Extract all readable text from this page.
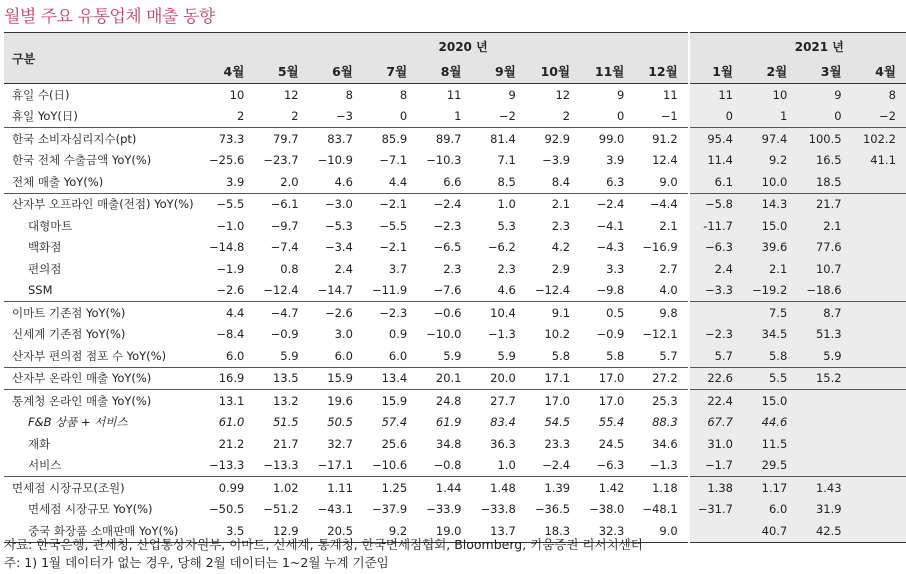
월별 주요 유통업체 매출 동향
구분	2020 년									2021 년			
	4월	5월	6월	7월	8월	9월	10월	11월	12월	1월	2월	3월	4월
휴일 수(日)	10	12	8	8	11	9	12	9	11	11	10	9	8
휴일 YoY(日)	2	2	−3	0	1	−2	2	0	−1	0	1	0	−2
한국 소비자심리지수(pt)	73.3	79.7	83.7	85.9	89.7	81.4	92.9	99.0	91.2	95.4	97.4	100.5	102.2
한국 전체 수출금액 YoY(%)	−25.6	−23.7	−10.9	−7.1	−10.3	7.1	−3.9	3.9	12.4	11.4	9.2	16.5	41.1
전체 매출 YoY(%)	3.9	2.0	4.6	4.4	6.6	8.5	8.4	6.3	9.0	6.1	10.0	18.5	
산자부 오프라인 매출(전점) YoY(%)	−5.5	−6.1	−3.0	−2.1	−2.4	1.0	2.1	−2.4	−4.4	−5.8	14.3	21.7	
대형마트	−1.0	−9.7	−5.3	−5.5	−2.3	5.3	2.3	−4.1	2.1	-11.7	15.0	2.1	
백화점	−14.8	−7.4	−3.4	−2.1	−6.5	−6.2	4.2	−4.3	−16.9	−6.3	39.6	77.6	
편의점	−1.9	0.8	2.4	3.7	2.3	2.3	2.9	3.3	2.7	2.4	2.1	10.7	
SSM	−2.6	−12.4	−14.7	−11.9	−7.6	4.6	−12.4	−9.8	4.0	−3.3	−19.2	−18.6	
이마트 기존점 YoY(%)	4.4	−4.7	−2.6	−2.3	−0.6	10.4	9.1	0.5	9.8		7.5	8.7	
신세계 기존점 YoY(%)	−8.4	−0.9	3.0	0.9	−10.0	−1.3	10.2	−0.9	−12.1	−2.3	34.5	51.3	
산자부 편의점 점포 수 YoY(%)	6.0	5.9	6.0	6.0	5.9	5.9	5.8	5.8	5.7	5.7	5.8	5.9	
산자부 온라인 매출 YoY(%)	16.9	13.5	15.9	13.4	20.1	20.0	17.1	17.0	27.2	22.6	5.5	15.2	
통계청 온라인 매출 YoY(%)	13.1	13.2	19.6	15.9	24.8	27.7	17.0	17.0	25.3	22.4	15.0		
F&B 상품 + 서비스	61.0	51.5	50.5	57.4	61.9	83.4	54.5	55.4	88.3	67.7	44.6		
재화	21.2	21.7	32.7	25.6	34.8	36.3	23.3	24.5	34.6	31.0	11.5		
서비스	−13.3	−13.3	−17.1	−10.6	−0.8	1.0	−2.4	−6.3	−1.3	−1.7	29.5		
면세점 시장규모(조원)	0.99	1.02	1.11	1.25	1.44	1.48	1.39	1.42	1.18	1.38	1.17	1.43	
면세점 시장규모 YoY(%)	−50.5	−51.2	−43.1	−37.9	−33.9	−33.8	−36.5	−38.0	−48.1	−31.7	6.0	31.9	
중국 화장품 소매판매 YoY(%)	3.5	12.9	20.5	9.2	19.0	13.7	18.3	32.3	9.0		40.7	42.5	
자료: 한국은행, 관세청, 산업통상자원부, 이마트, 신세계, 통계청, 한국면세점협회, Bloomberg, 키움증권 리서치센터
주: 1) 1월 데이터가 없는 경우, 당해 2월 데이터는 1~2월 누계 기준임
